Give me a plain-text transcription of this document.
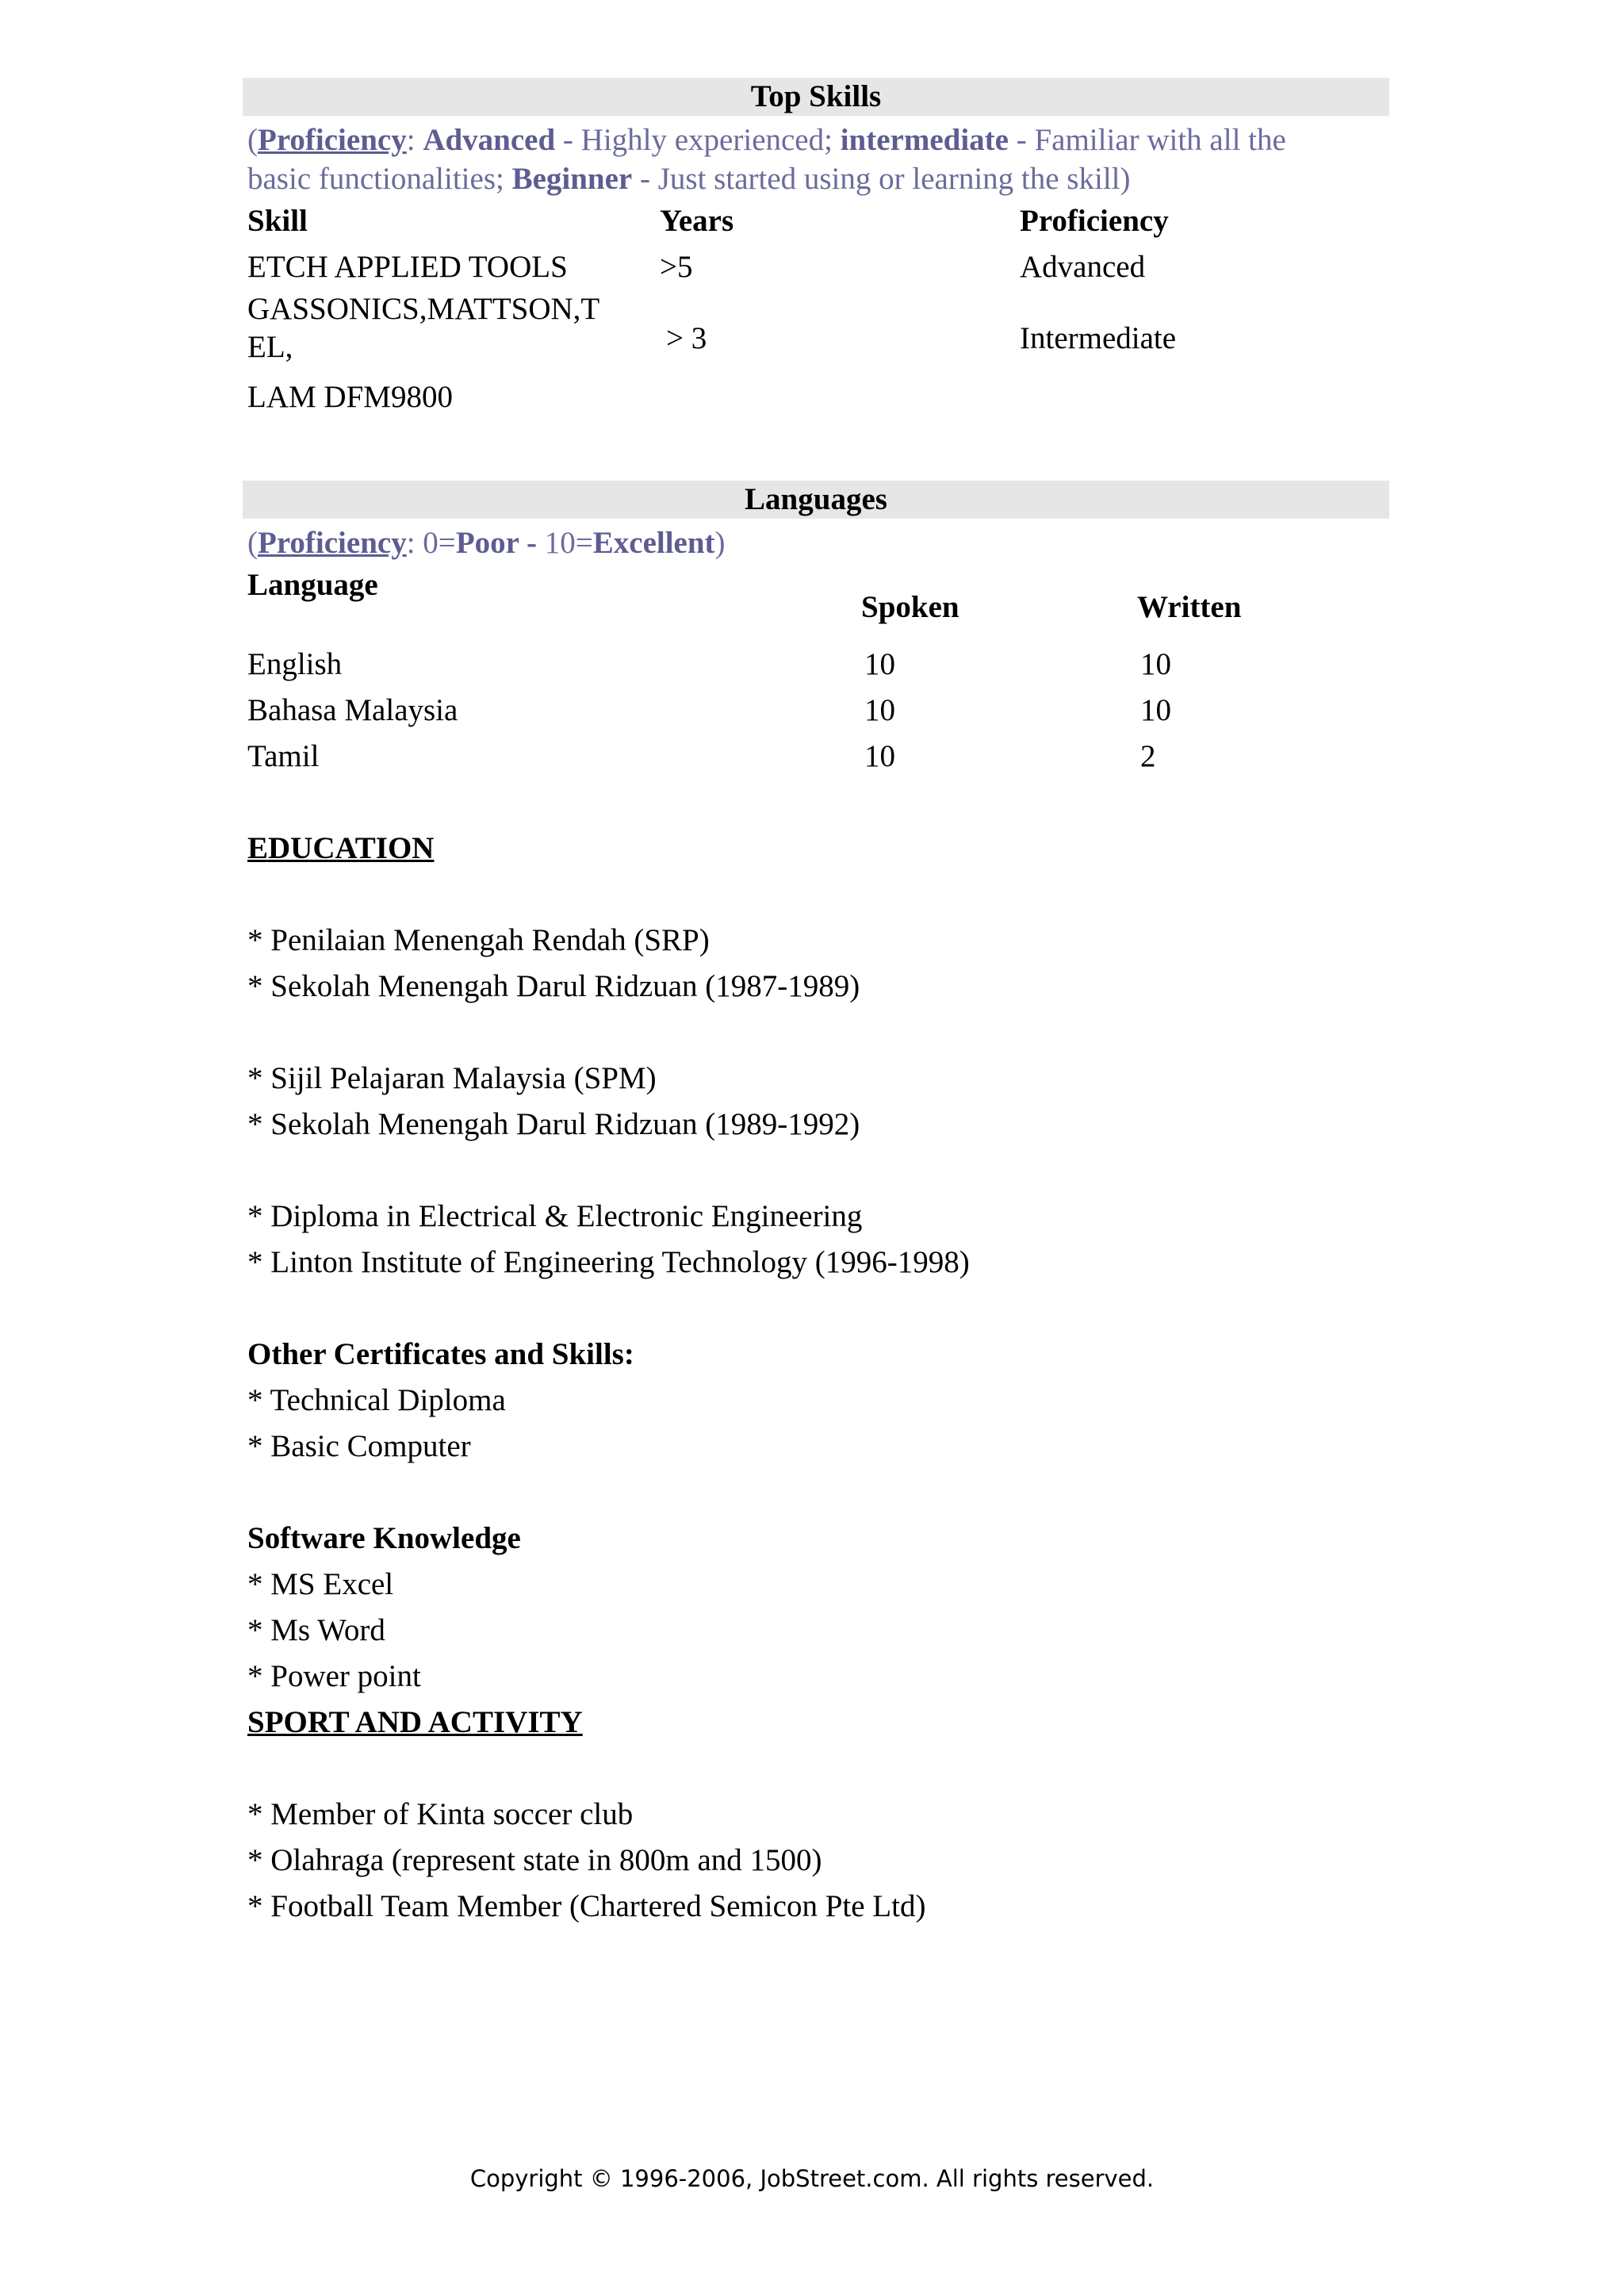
Top Skills
(Proficiency: Advanced - Highly experienced; intermediate - Familiar with all the
basic functionalities; Beginner - Just started using or learning the skill)
Skill	Years	Proficiency
ETCH APPLIED TOOLS	>5	Advanced
GASSONICS,MATTSON,T
EL,	> 3	Intermediate
LAM DFM9800
Languages
(Proficiency: 0=Poor - 10=Excellent)
Language
Spoken	Written
English	10	10
Bahasa Malaysia	10	10
Tamil	10	2
EDUCATION
* Penilaian Menengah Rendah (SRP)
* Sekolah Menengah Darul Ridzuan (1987-1989)
* Sijil Pelajaran Malaysia (SPM)
* Sekolah Menengah Darul Ridzuan (1989-1992)
* Diploma in Electrical & Electronic Engineering
* Linton Institute of Engineering Technology (1996-1998)
Other Certificates and Skills:
* Technical Diploma
* Basic Computer
Software Knowledge
* MS Excel
* Ms Word
* Power point
SPORT AND ACTIVITY
* Member of Kinta soccer club
* Olahraga (represent state in 800m and 1500)
* Football Team Member (Chartered Semicon Pte Ltd)
Copyright © 1996-2006, JobStreet.com. All rights reserved.
